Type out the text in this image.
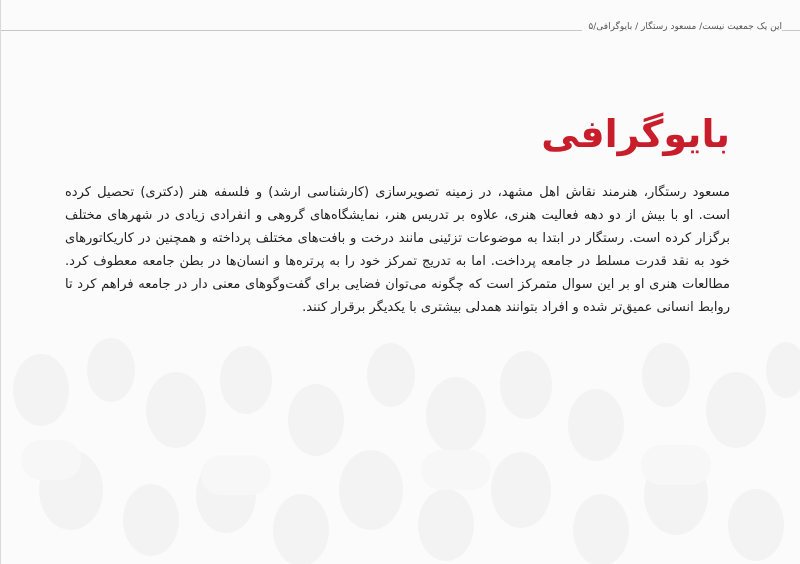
این یک جمعیت نیست/ مسعود رستگار / بایوگرافی/۵
بایوگرافی

مسعود رستگار، هنرمند نقاش اهل مشهد، در زمینه تصویرسازی (کارشناسی ارشد) و فلسفه هنر (دکتری) تحصیل کرده است. او با بیش از دو دهه فعالیت هنری، علاوه بر تدریس هنر، نمایشگاه‌های گروهی و انفرادی زیادی در شهرهای مختلف برگزار کرده است. رستگار در ابتدا به موضوعات تزئینی مانند درخت و بافت‌های مختلف پرداخته و همچنین در کاریکاتورهای خود به نقد قدرت مسلط در جامعه پرداخت. اما به تدریج تمرکز خود را به پرتره‌ها و انسان‌ها در بطن جامعه معطوف کرد. مطالعات هنری او بر این سوال متمرکز است که چگونه می‌توان فضایی برای گفت‌وگوهای معنی دار در جامعه فراهم کرد تا روابط انسانی عمیق‌تر شده و افراد بتوانند همدلی بیشتری با یکدیگر برقرار کنند.
